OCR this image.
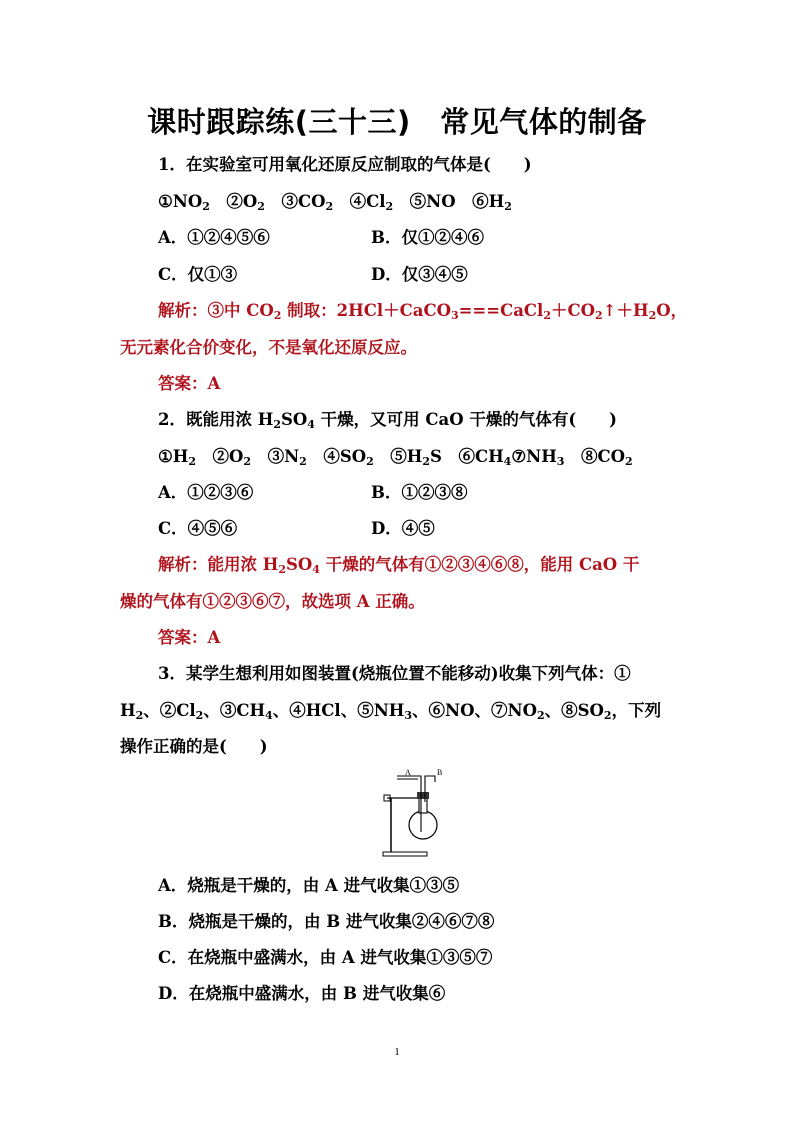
课时跟踪练(三十三)　常见气体的制备
1．在实验室可用氧化还原反应制取的气体是(　　)
$①NO_2$　$②O_2$　$③CO_2$　$④Cl_2$　⑤NO　$⑥H_2$
A．①②④⑤⑥	B．仅①②④⑥
C．仅①③	D．仅③④⑤
解析：③中 $CO_2$ 制取：$2HCl+CaCO_3===CaCl_2+CO_2↑+H_2O$，
无元素化合价变化，不是氧化还原反应。
答案：A
2．既能用浓 $H_2SO_4$ 干燥，又可用 CaO 干燥的气体有(　　)
$①H_2$　$②O_2$　$③N_2$　$④SO_2$　$⑤H_2S$　$⑥CH_4⑦NH_3$　$⑧CO_2$
A．①②③⑥	B．①②③⑧
C．④⑤⑥	D．④⑤
解析：能用浓 $H_2SO_4$ 干燥的气体有①②③④⑥⑧，能用 CaO 干
燥的气体有①②③⑥⑦，故选项 A 正确。
答案：A
3．某学生想利用如图装置(烧瓶位置不能移动)收集下列气体：①
$H_2$、$②Cl_2$、$③CH_4$、④HCl、$⑤NH_3$、⑥NO、$⑦NO_2$、$⑧SO_2$，下列
操作正确的是(　　)
A	B
A．烧瓶是干燥的，由 A 进气收集①③⑤
B．烧瓶是干燥的，由 B 进气收集②④⑥⑦⑧
C．在烧瓶中盛满水，由 A 进气收集①③⑤⑦
D．在烧瓶中盛满水，由 B 进气收集⑥
1
